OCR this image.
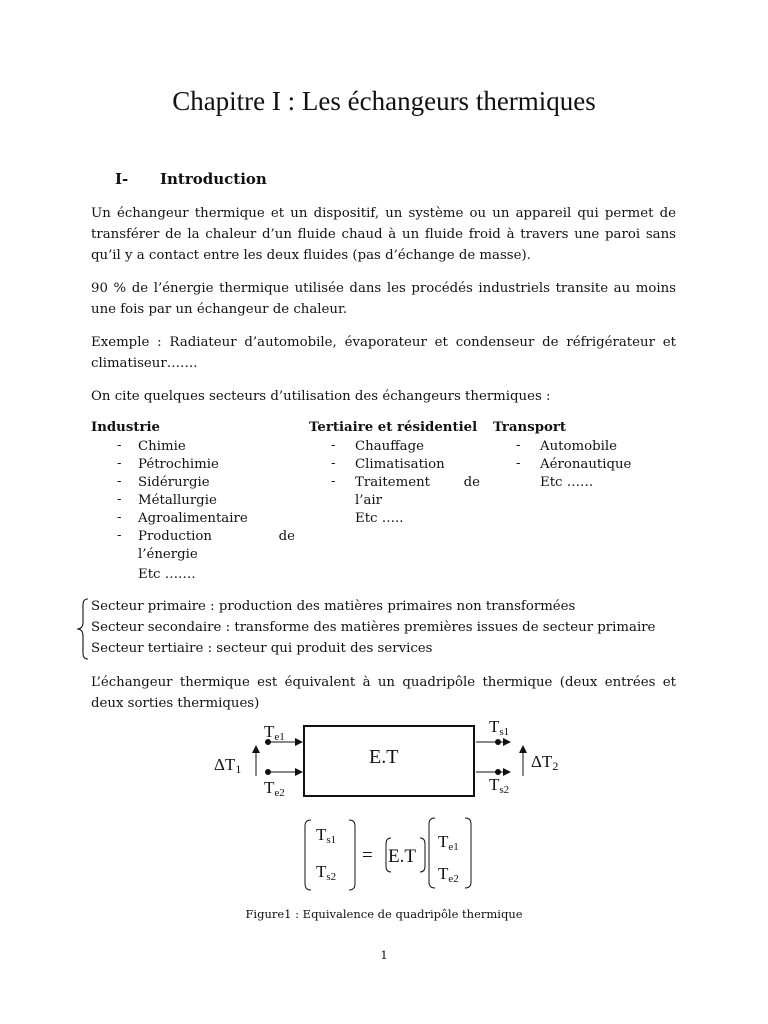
Chapitre I : Les échangeurs thermiques
I- Introduction
Un échangeur thermique et un dispositif, un système ou un appareil qui permet de transférer de la chaleur d’un fluide chaud à un fluide froid à travers une paroi sans qu’il y a contact entre les deux fluides (pas d’échange de masse).
90 % de l’énergie thermique utilisée dans les procédés industriels transite au moins une fois par un échangeur de chaleur.
Exemple : Radiateur d’automobile, évaporateur et condenseur de réfrigérateur et climatiseur…….
On cite quelques secteurs d’utilisation des échangeurs thermiques :
Industrie	Tertiaire et résidentiel Transport
- Chimie
- Pétrochimie
- Sidérurgie
- Métallurgie
- Agroalimentaire
- Production de
l’énergie
Etc …….
- Chauffage
- Climatisation
- Traitement de
l’air
Etc …..
- Automobile
- Aéronautique
Etc ……
Secteur primaire : production des matières primaires non transformées
Secteur secondaire : transforme des matières premières issues de secteur primaire
Secteur tertiaire : secteur qui produit des services
L’échangeur thermique est équivalent à un quadripôle thermique (deux entrées et deux sorties thermiques)
E.T
Te1
Te2
Ts1
Ts2
ΔT1	ΔT2
Ts1
Ts2
= E.T
Te1
Te2
Figure1 : Equivalence de quadripôle thermique
1
